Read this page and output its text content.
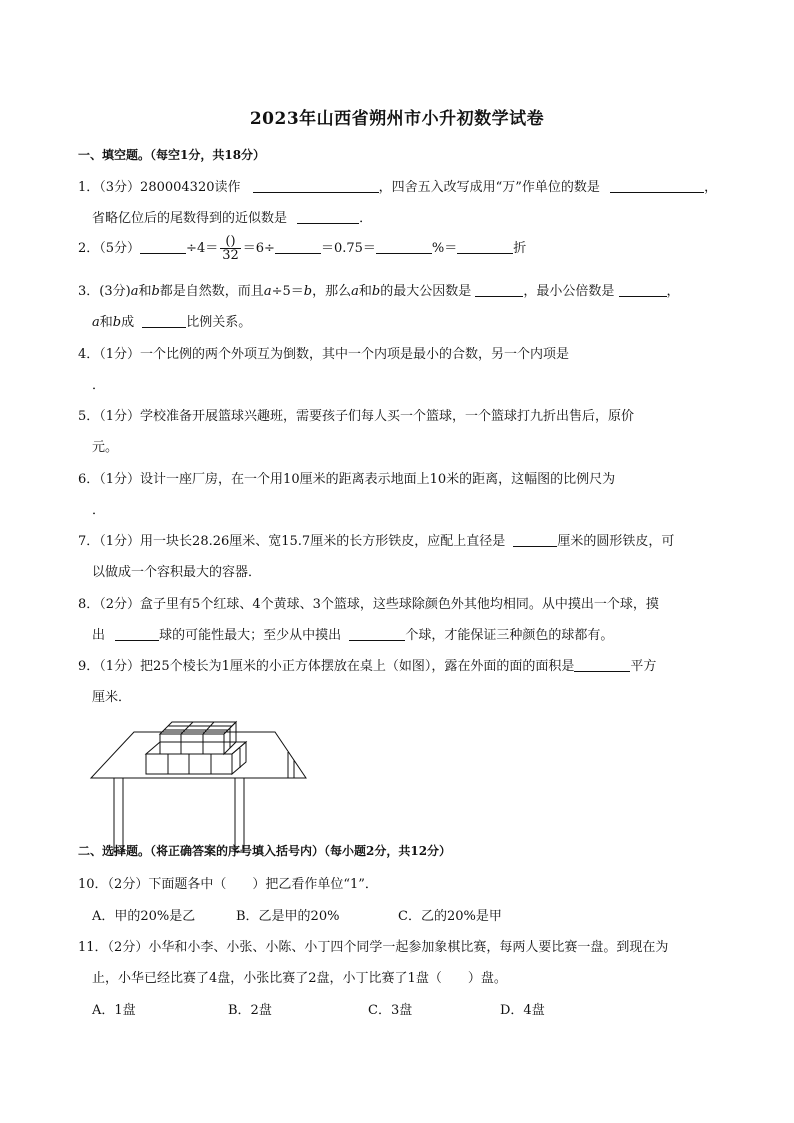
2023年山西省朔州市小升初数学试卷
一、填空题。（每空1分，共18分）
1．（3分）280004320读作	，四舍五入改写成用“万”作单位的数是	，
省略亿位后的尾数得到的近似数是	．
2．（5分）	$\div 4= \frac{()}{32} =6\div$	＝0.75＝	%＝	折
3．(3分)a和b都是自然数，而且a÷5＝b，那么a和b的最大公因数是	，最小公倍数是	，
a和b成	比例关系。
4．（1分）一个比例的两个外项互为倒数，其中一个内项是最小的合数，另一个内项是
．
5．（1分）学校准备开展篮球兴趣班，需要孩子们每人买一个篮球，一个篮球打九折出售后，原价
元。
6．（1分）设计一座厂房，在一个用10厘米的距离表示地面上10米的距离，这幅图的比例尺为
．
7．（1分）用一块长28.26厘米、宽15.7厘米的长方形铁皮，应配上直径是	厘米的圆形铁皮，可
以做成一个容积最大的容器．
8．（2分）盒子里有5个红球、4个黄球、3个篮球，这些球除颜色外其他均相同。从中摸出一个球，摸
出	球的可能性最大；至少从中摸出	个球，才能保证三种颜色的球都有。
9．（1分）把25个棱长为1厘米的小正方体摆放在桌上（如图），露在外面的面的面积是	平方
厘米．
二、选择题。（将正确答案的序号填入括号内）（每小题2分，共12分）
10．（2分）下面题各中（　　）把乙看作单位“1”．
A．甲的20%是乙	B．乙是甲的20%	C．乙的20%是甲
11．（2分）小华和小李、小张、小陈、小丁四个同学一起参加象棋比赛，每两人要比赛一盘。到现在为
止，小华已经比赛了4盘，小张比赛了2盘，小丁比赛了1盘（　　）盘。
A．1盘	B．2盘	C．3盘	D．4盘
